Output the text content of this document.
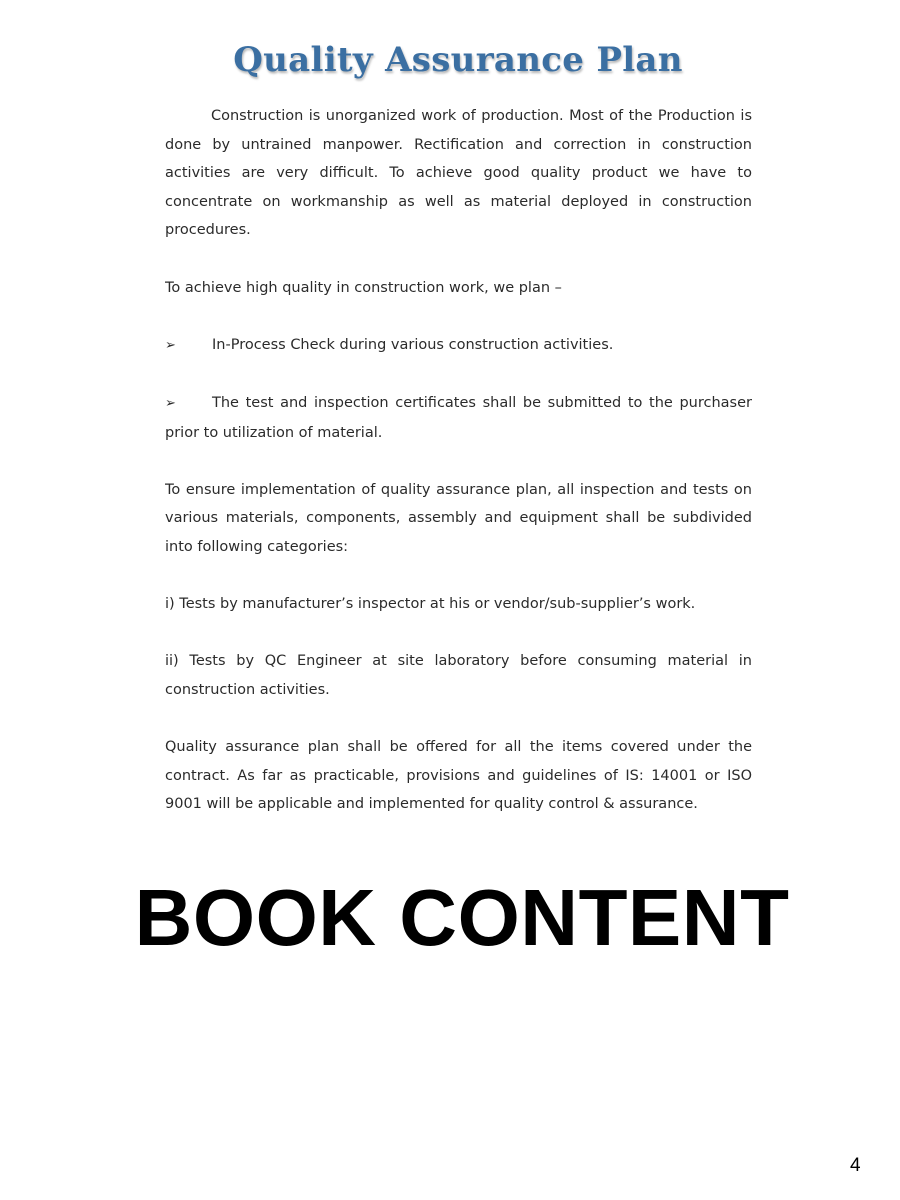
Quality Assurance Plan

Construction is unorganized work of production. Most of the Production is done by untrained manpower. Rectification and correction in construction activities are very difficult. To achieve good quality product we have to concentrate on workmanship as well as material deployed in construction procedures.

To achieve high quality in construction work, we plan –

➢ In-Process Check during various construction activities.

➢ The test and inspection certificates shall be submitted to the purchaser prior to utilization of material.

To ensure implementation of quality assurance plan, all inspection and tests on various materials, components, assembly and equipment shall be subdivided into following categories:

i) Tests by manufacturer’s inspector at his or vendor/sub-supplier’s work.

ii) Tests by QC Engineer at site laboratory before consuming material in construction activities.

Quality assurance plan shall be offered for all the items covered under the contract. As far as practicable, provisions and guidelines of IS: 14001 or ISO 9001 will be applicable and implemented for quality control & assurance.

BOOK CONTENT
4
